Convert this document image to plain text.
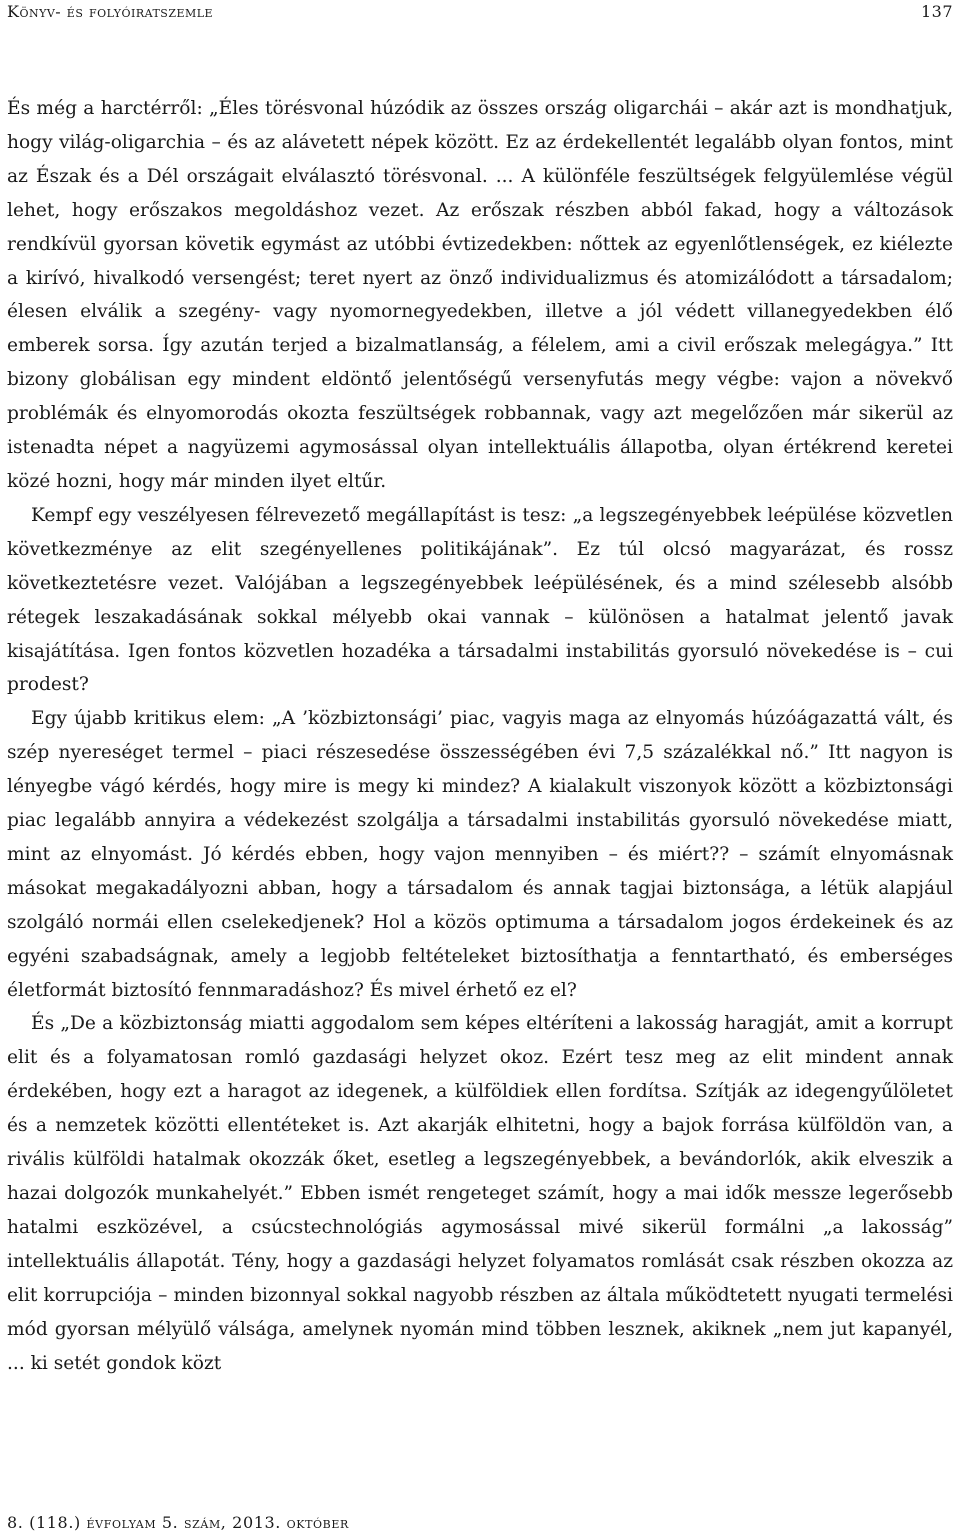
Könyv- és folyóiratszemle	137

És még a harctérről: „Éles törésvonal húzódik az összes ország oligarchái – akár azt is mondhatjuk, hogy világ-oligarchia – és az alávetett népek között. Ez az érdekellentét legalább olyan fontos, mint az Észak és a Dél országait elválasztó törésvonal. ... A különféle feszültségek felgyülemlése végül lehet, hogy erőszakos megoldáshoz vezet. Az erőszak részben abból fakad, hogy a változások rendkívül gyorsan követik egymást az utóbbi évtizedekben: nőttek az egyenlőtlenségek, ez kiélezte a kirívó, hivalkodó versengést; teret nyert az önző individualizmus és atomizálódott a társadalom; élesen elválik a szegény- vagy nyomornegyedekben, illetve a jól védett villanegyedekben élő emberek sorsa. Így azután terjed a bizalmatlanság, a félelem, ami a civil erőszak melegágya.” Itt bizony globálisan egy mindent eldöntő jelentőségű versenyfutás megy végbe: vajon a növekvő problémák és elnyomorodás okozta feszültségek robbannak, vagy azt megelőzően már sikerül az istenadta népet a nagyüzemi agymosással olyan intellektuális állapotba, olyan értékrend keretei közé hozni, hogy már minden ilyet eltűr.

Kempf egy veszélyesen félrevezető megállapítást is tesz: „a legszegényebbek leépülése közvetlen következménye az elit szegényellenes politikájának”. Ez túl olcsó magyarázat, és rossz következtetésre vezet. Valójában a legszegényebbek leépülésének, és a mind szélesebb alsóbb rétegek leszakadásának sokkal mélyebb okai vannak – különösen a hatalmat jelentő javak kisajátítása. Igen fontos közvetlen hozadéka a társadalmi instabilitás gyorsuló növekedése is – cui prodest?

Egy újabb kritikus elem: „A ’közbiztonsági’ piac, vagyis maga az elnyomás húzóágazattá vált, és szép nyereséget termel – piaci részesedése összességében évi 7,5 százalékkal nő.” Itt nagyon is lényegbe vágó kérdés, hogy mire is megy ki mindez? A kialakult viszonyok között a közbiztonsági piac legalább annyira a védekezést szolgálja a társadalmi instabilitás gyorsuló növekedése miatt, mint az elnyomást. Jó kérdés ebben, hogy vajon mennyiben – és miért?? – számít elnyomásnak másokat megakadályozni abban, hogy a társadalom és annak tagjai biztonsága, a létük alapjául szolgáló normái ellen cselekedjenek? Hol a közös optimuma a társadalom jogos érdekeinek és az egyéni szabadságnak, amely a legjobb feltételeket biztosíthatja a fenntartható, és emberséges életformát biztosító fennmaradáshoz? És mivel érhető ez el?

És „De a közbiztonság miatti aggodalom sem képes eltéríteni a lakosság haragját, amit a korrupt elit és a folyamatosan romló gazdasági helyzet okoz. Ezért tesz meg az elit mindent annak érdekében, hogy ezt a haragot az idegenek, a külföldiek ellen fordítsa. Szítják az idegengyűlöletet és a nemzetek közötti ellentéteket is. Azt akarják elhitetni, hogy a bajok forrása külföldön van, a rivális külföldi hatalmak okozzák őket, esetleg a legszegényebbek, a bevándorlók, akik elveszik a hazai dolgozók munkahelyét.” Ebben ismét rengeteget számít, hogy a mai idők messze legerősebb hatalmi eszközével, a csúcstechnológiás agymosással mivé sikerül formálni „a lakosság” intellektuális állapotát. Tény, hogy a gazdasági helyzet folyamatos romlását csak részben okozza az elit korrupciója – minden bizonnyal sokkal nagyobb részben az általa működtetett nyugati termelési mód gyorsan mélyülő válsága, amelynek nyomán mind többen lesznek, akiknek „nem jut kapanyél, ... ki setét gondok közt

8. (118.) évfolyam 5. szám, 2013. október
